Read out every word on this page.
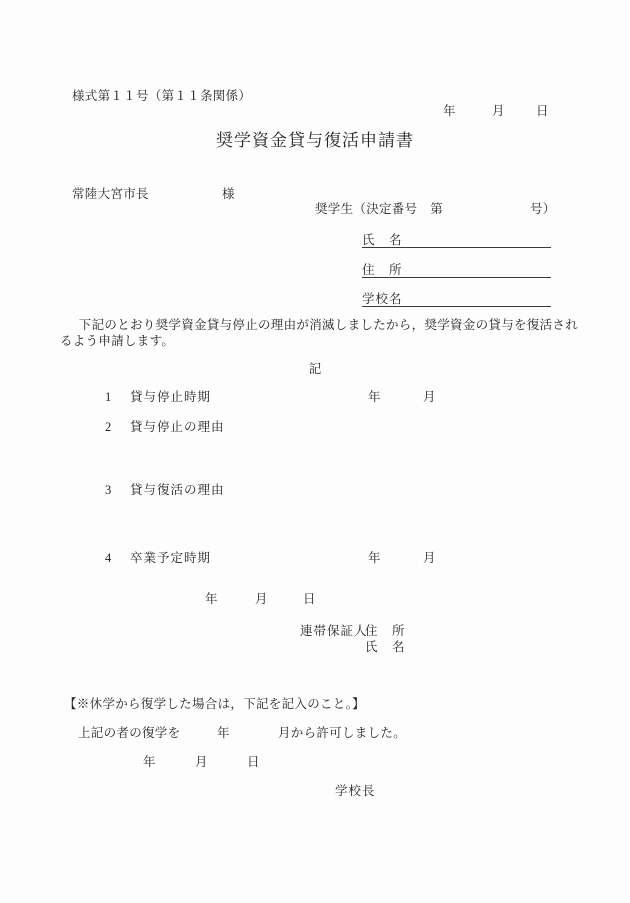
様式第１１号（第１１条関係）
年	月 日
奨学資金貸与復活申請書
常陸大宮市長	様
奨学生（決定番号　第	号）
氏　名
住　所
学校名
　下記のとおり奨学資金貸与停止の理由が消滅しましたから，奨学資金の貸与を復活されるよう申請します。
記
1 貸与停止時期	年	月
2 貸与停止の理由
3 貸与復活の理由
4 卒業予定時期	年	月
年	月	日
連帯保証人
住　所
氏　名
【※休学から復学した場合は，下記を記入のこと。】
上記の者の復学を	年	月から許可しました。
年	月	日
学校長
